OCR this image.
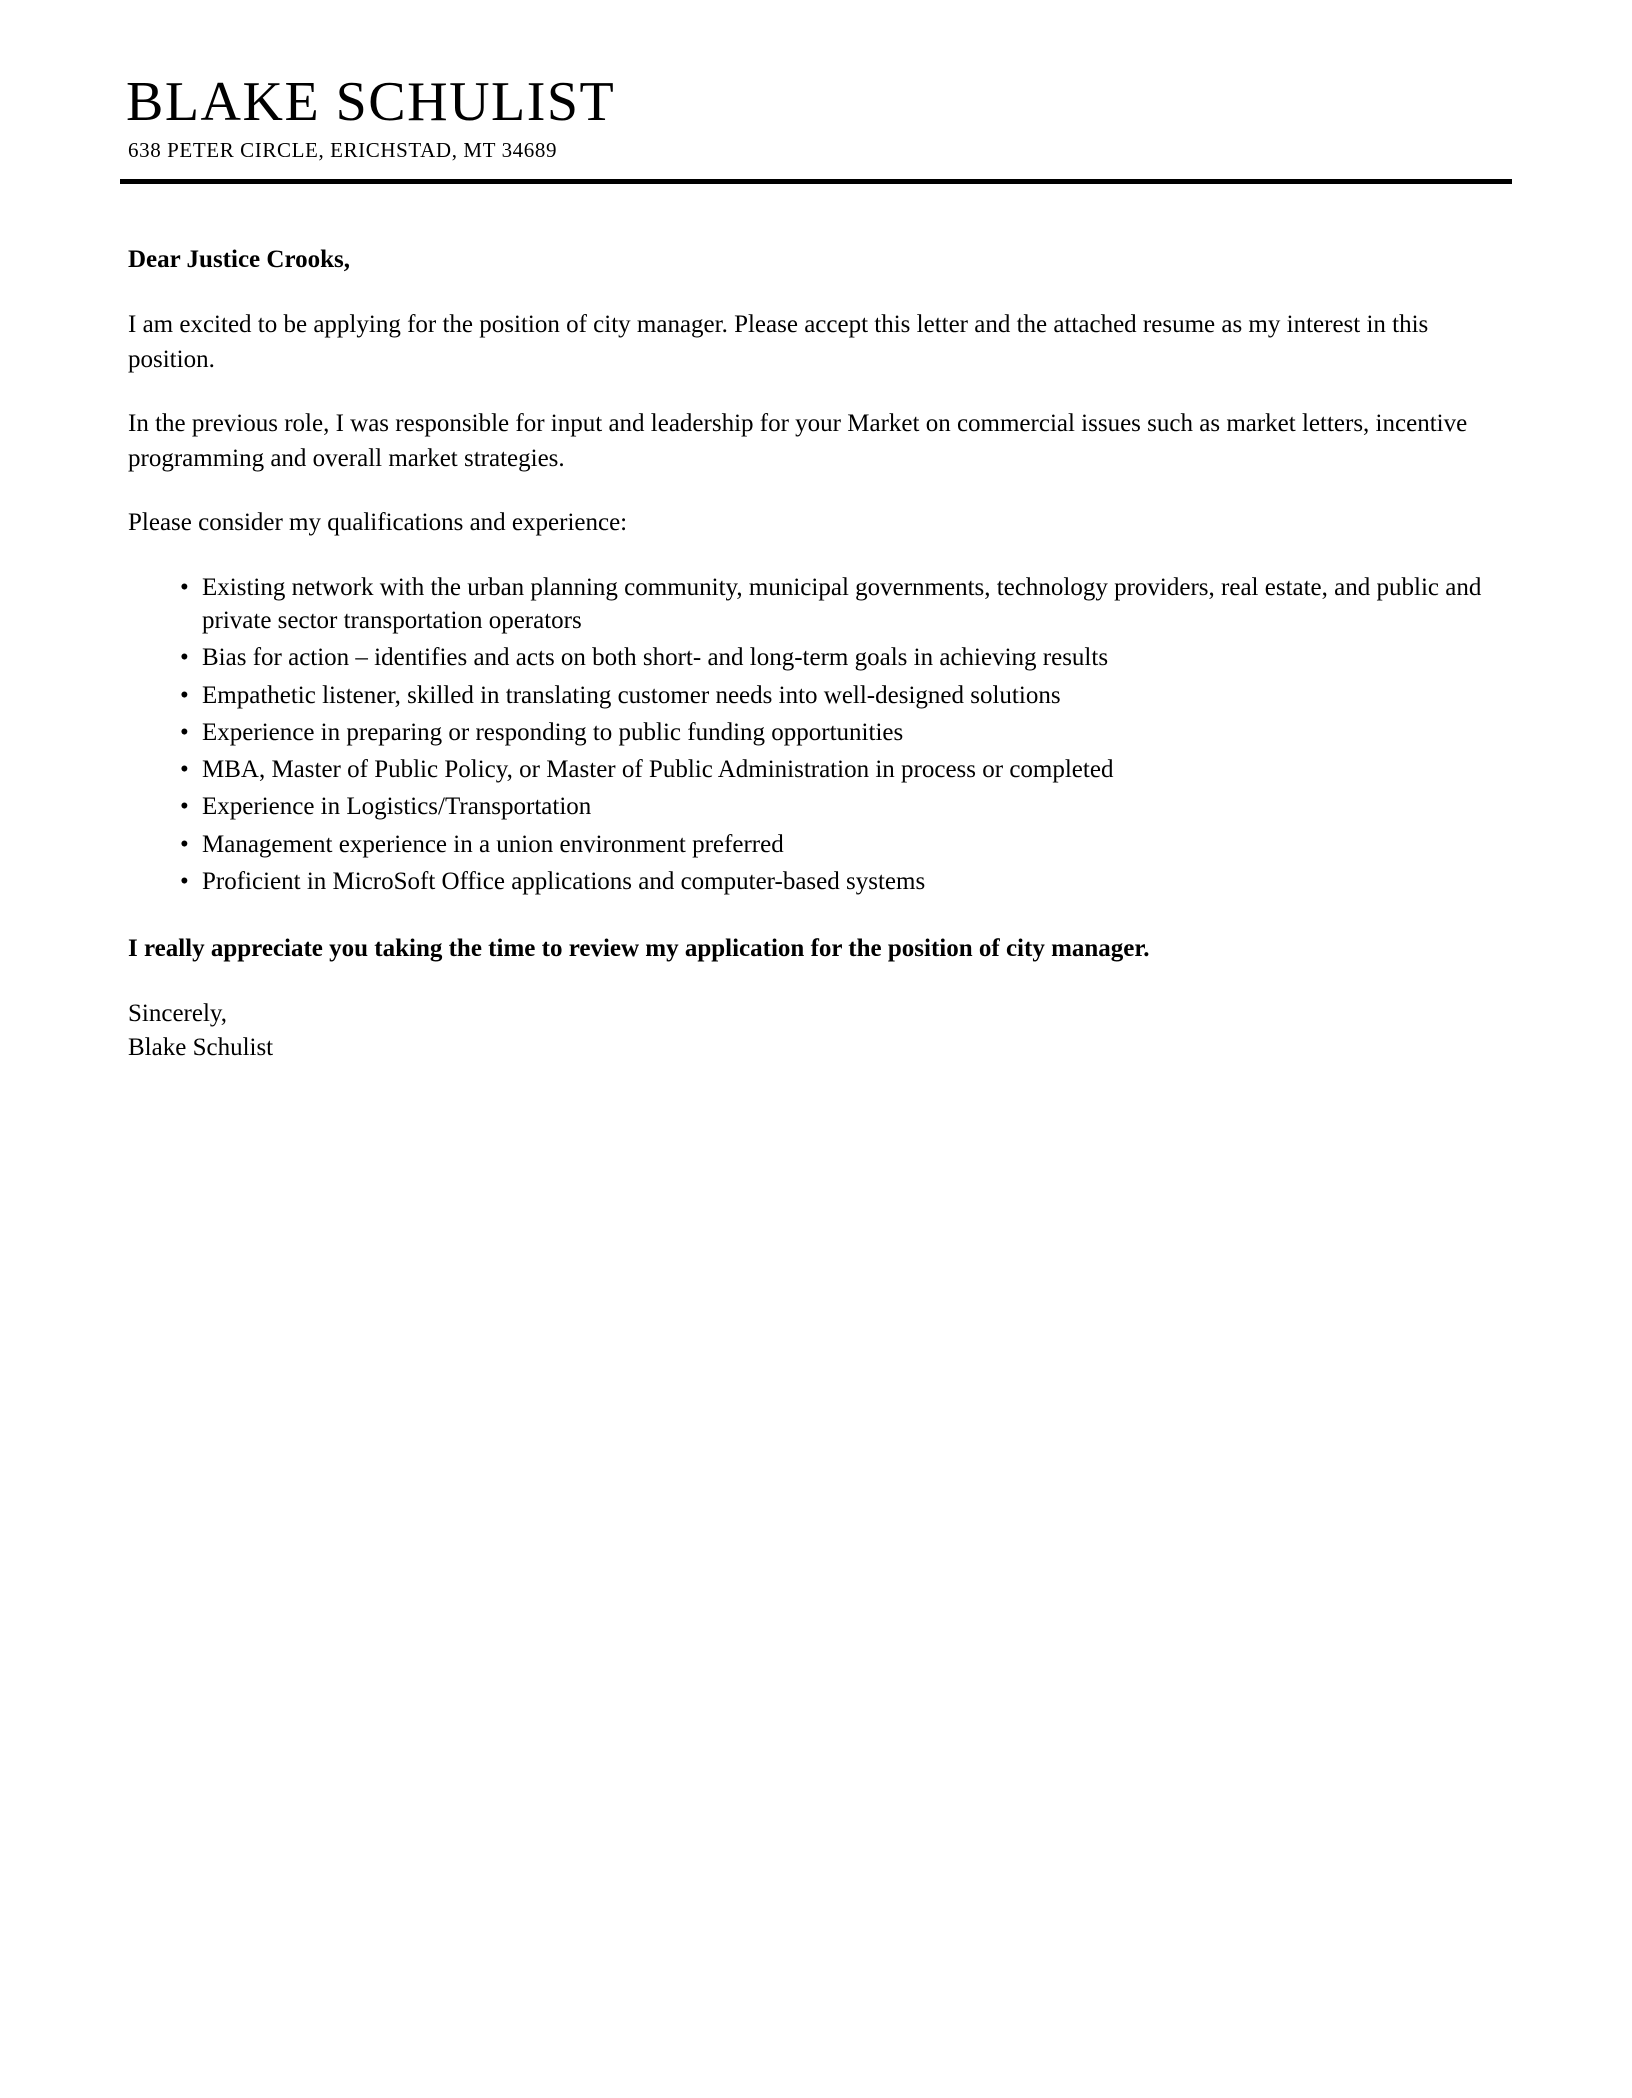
BLAKE SCHULIST

638 PETER CIRCLE, ERICHSTAD, MT 34689

Dear Justice Crooks,

I am excited to be applying for the position of city manager. Please accept this letter and the attached resume as my interest in this position.

In the previous role, I was responsible for input and leadership for your Market on commercial issues such as market letters, incentive programming and overall market strategies.

Please consider my qualifications and experience:

• Existing network with the urban planning community, municipal governments, technology providers, real estate, and public and private sector transportation operators
• Bias for action – identifies and acts on both short- and long-term goals in achieving results
• Empathetic listener, skilled in translating customer needs into well-designed solutions
• Experience in preparing or responding to public funding opportunities
• MBA, Master of Public Policy, or Master of Public Administration in process or completed
• Experience in Logistics/Transportation
• Management experience in a union environment preferred
• Proficient in MicroSoft Office applications and computer-based systems

I really appreciate you taking the time to review my application for the position of city manager.

Sincerely,
Blake Schulist
